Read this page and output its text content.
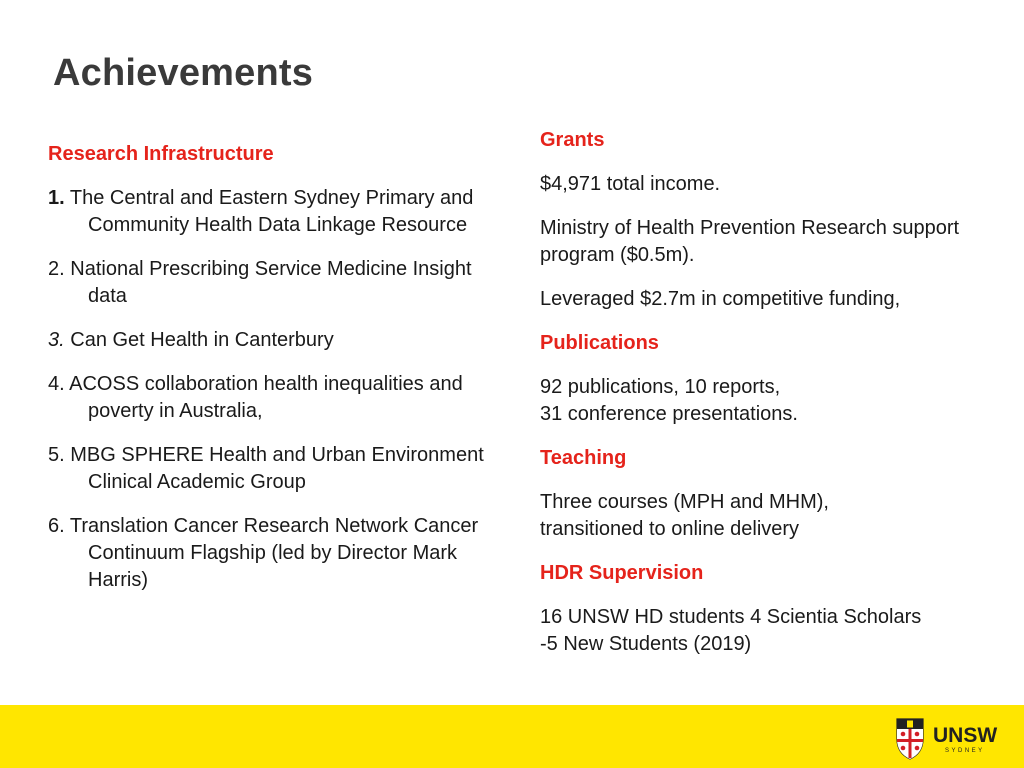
Achievements
Research Infrastructure
1. The Central and Eastern Sydney Primary and Community Health Data Linkage Resource
2. National Prescribing Service Medicine Insight data
3. Can Get Health in Canterbury
4. ACOSS collaboration health inequalities and poverty in Australia,
5. MBG SPHERE Health and Urban Environment Clinical Academic Group
6. Translation Cancer Research Network Cancer Continuum Flagship (led by Director Mark Harris)
Grants

$4,971 total income.

Ministry of Health Prevention Research support program ($0.5m).

Leveraged $2.7m in competitive funding,

Publications

92 publications, 10 reports,
31 conference presentations.

Teaching

Three courses (MPH and MHM),
transitioned to online delivery

HDR Supervision

16 UNSW HD students 4 Scientia Scholars
-5 New Students (2019)

UNSW
SYDNEY
